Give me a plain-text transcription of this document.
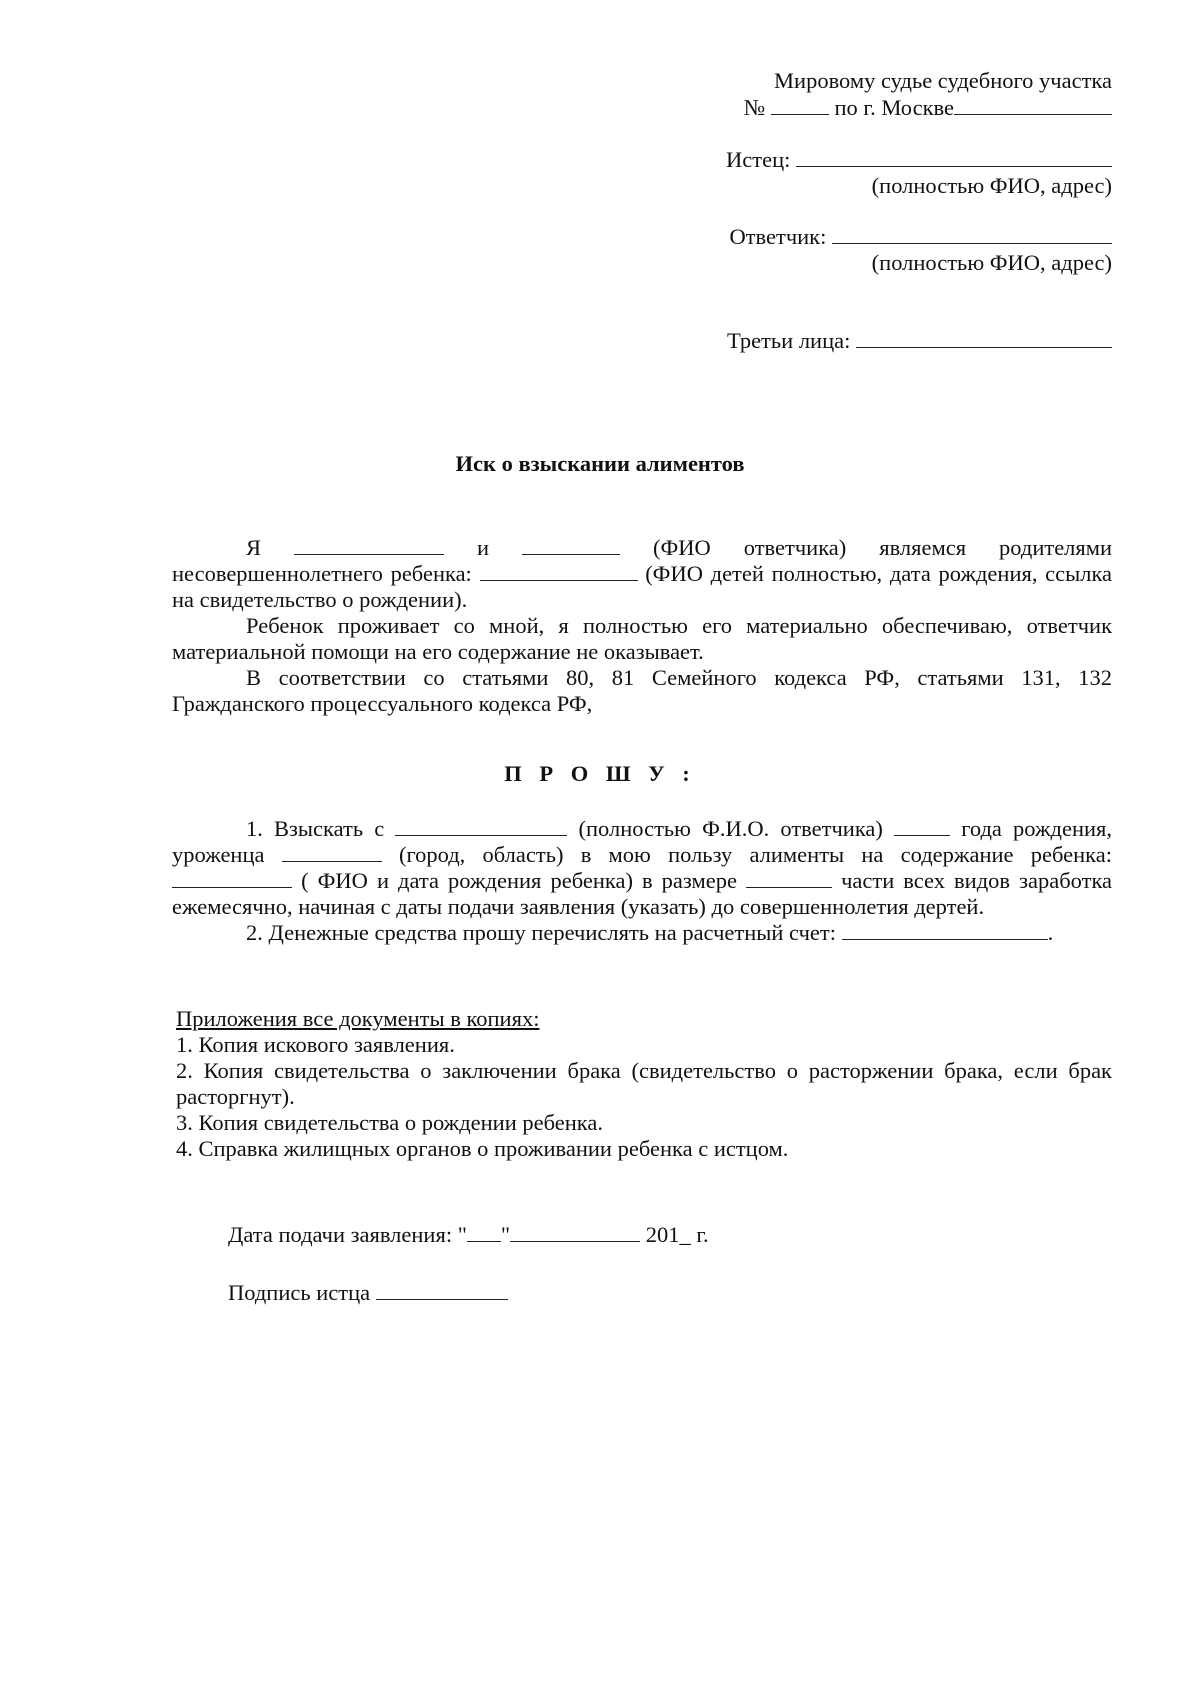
Мировому судье судебного участка
№	по г. Москве
Истец:
(полностью ФИО, адрес)
Ответчик:
(полностью ФИО, адрес)
Третьи лица:
Иск о взыскании алиментов

Я	и	(ФИО ответчика) являемся родителями

несовершеннолетнего ребенка:	(ФИО детей полностью, дата рождения, ссылка на свидетельство о рождении).

Ребенок проживает со мной, я полностью его материально обеспечиваю, ответчик материальной помощи на его содержание не оказывает.

В соответствии со статьями 80, 81 Семейного кодекса РФ, статьями 131, 132 Гражданского процессуального кодекса РФ,

П Р О Ш У :

1. Взыскать с	(полностью Ф.И.О. ответчика)	года рождения, уроженца	(город, область) в мою пользу алименты на содержание ребенка:  ( ФИО и дата рождения ребенка) в размере	части всех видов заработка ежемесячно, начиная с даты подачи заявления (указать) до совершеннолетия дертей.

2. Денежные средства прошу перечислять на расчетный счет:	.

Приложения все документы в копиях:

1. Копия искового заявления.

2. Копия свидетельства о заключении брака (свидетельство о расторжении брака, если брак расторгнут).

3. Копия свидетельства о рождении ребенка.

4. Справка жилищных органов о проживании ребенка с истцом.

Дата подачи заявления: " "	201_ г.
Подпись истца
